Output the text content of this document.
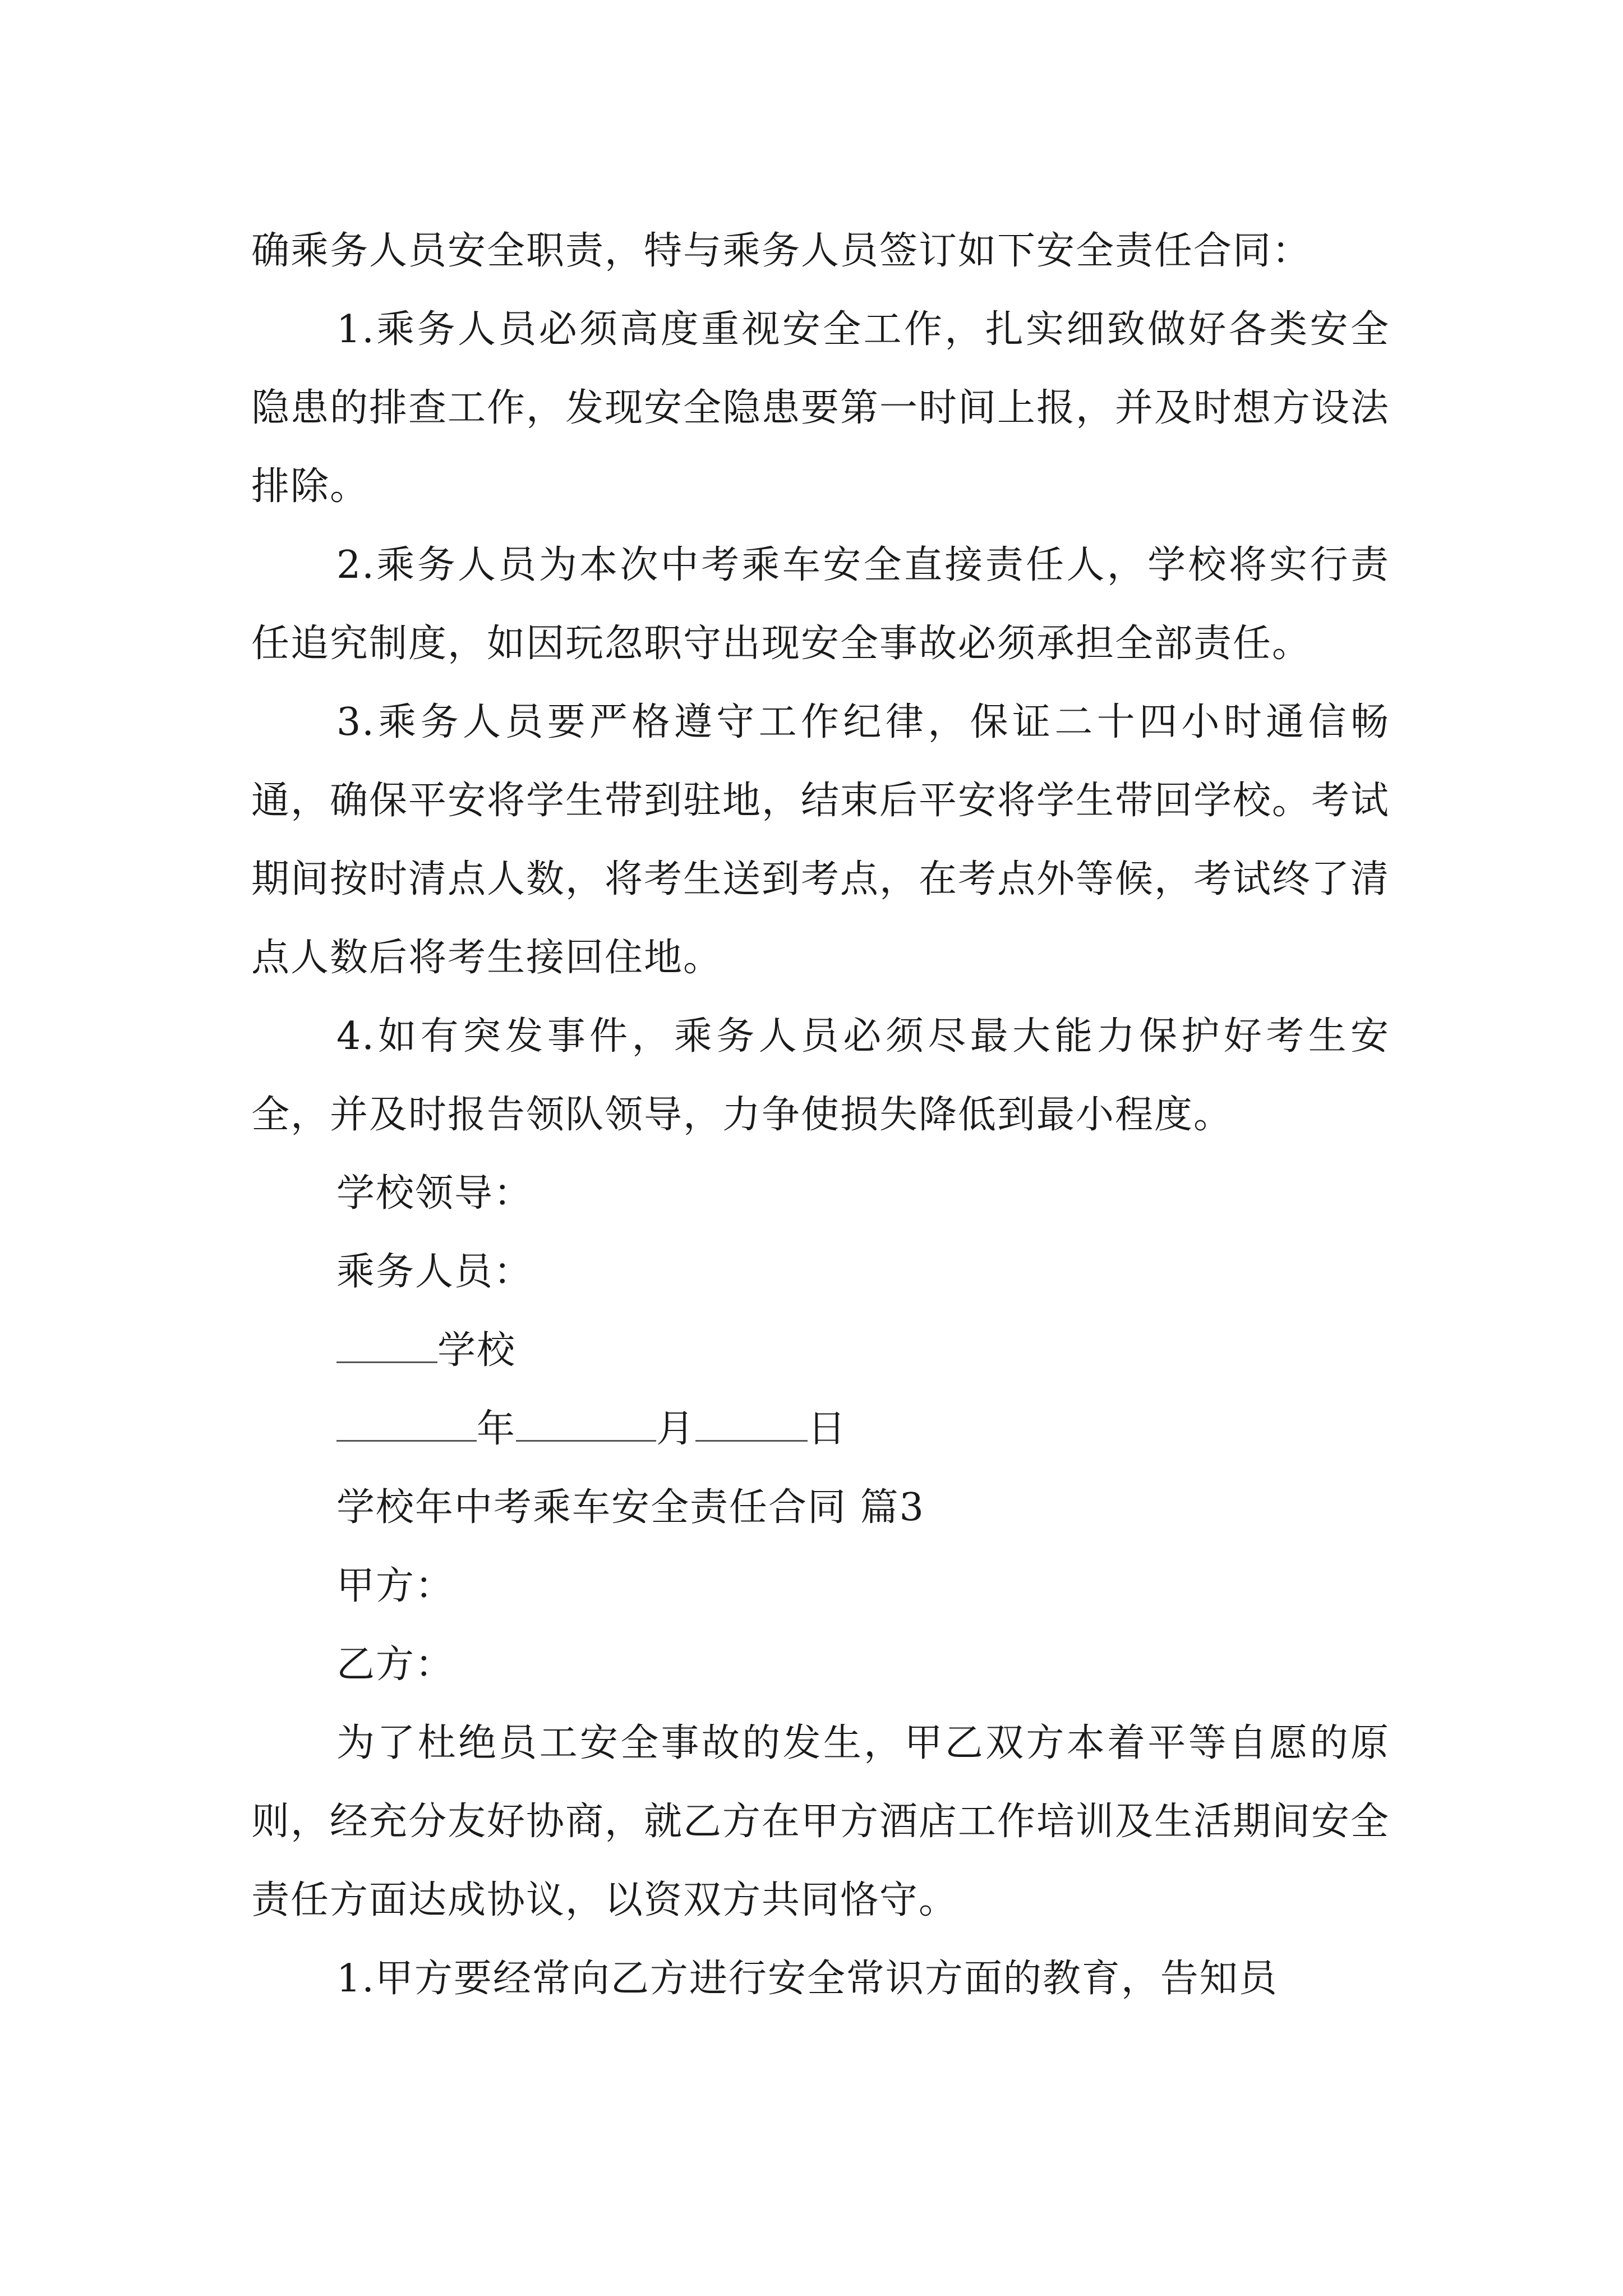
确乘务人员安全职责，特与乘务人员签订如下安全责任合同：

1.乘务人员必须高度重视安全工作，扎实细致做好各类安全隐患的排查工作，发现安全隐患要第一时间上报，并及时想方设法排除。

2.乘务人员为本次中考乘车安全直接责任人，学校将实行责任追究制度，如因玩忽职守出现安全事故必须承担全部责任。

3.乘务人员要严格遵守工作纪律，保证二十四小时通信畅通，确保平安将学生带到驻地，结束后平安将学生带回学校。考试期间按时清点人数，将考生送到考点，在考点外等候，考试终了清点人数后将考生接回住地。

4.如有突发事件，乘务人员必须尽最大能力保护好考生安全，并及时报告领队领导，力争使损失降低到最小程度。

学校领导：

乘务人员：

学校

年	月	日

学校年中考乘车安全责任合同 篇3

甲方：

乙方：

为了杜绝员工安全事故的发生，甲乙双方本着平等自愿的原则，经充分友好协商，就乙方在甲方酒店工作培训及生活期间安全责任方面达成协议，以资双方共同恪守。

1.甲方要经常向乙方进行安全常识方面的教育，告知员
